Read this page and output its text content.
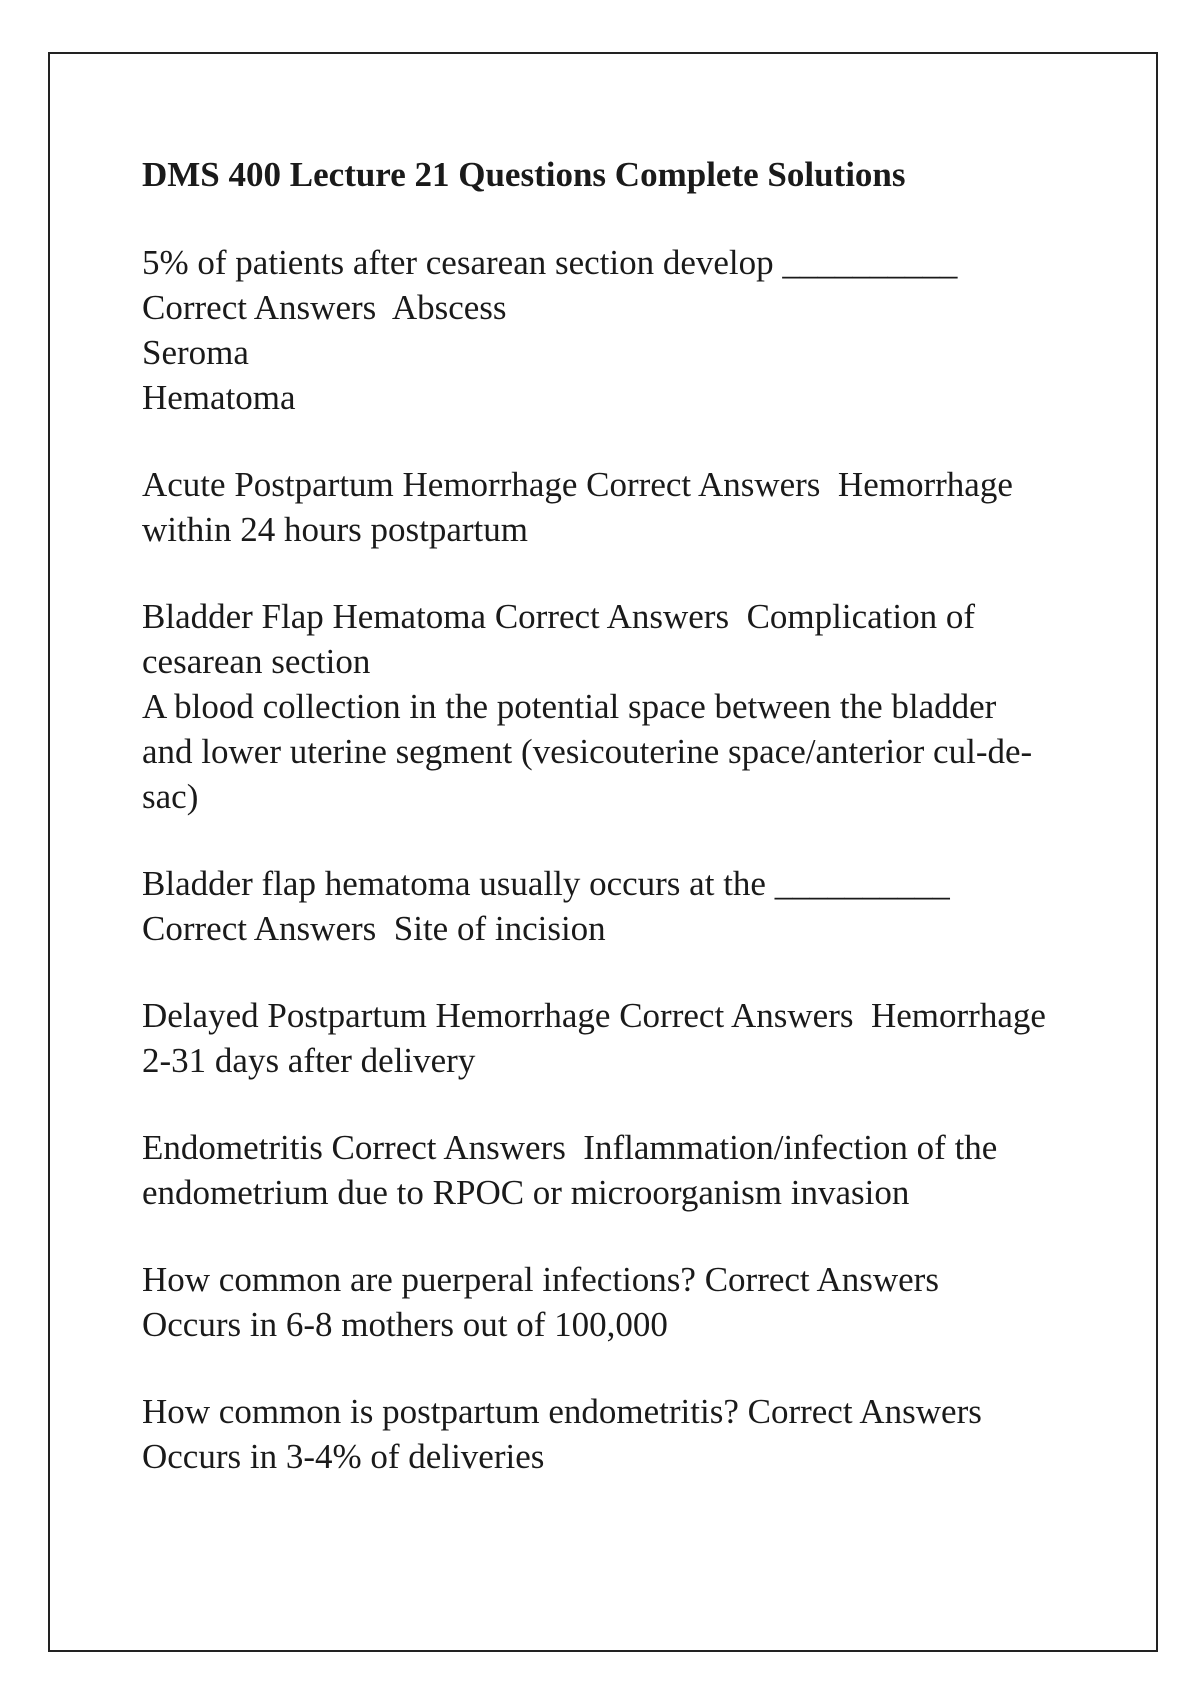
DMS 400 Lecture 21 Questions Complete Solutions
5% of patients after cesarean section develop __________
Correct Answers  Abscess
Seroma
Hematoma
Acute Postpartum Hemorrhage Correct Answers  Hemorrhage
within 24 hours postpartum
Bladder Flap Hematoma Correct Answers  Complication of
cesarean section
A blood collection in the potential space between the bladder
and lower uterine segment (vesicouterine space/anterior cul-de-
sac)
Bladder flap hematoma usually occurs at the __________
Correct Answers  Site of incision
Delayed Postpartum Hemorrhage Correct Answers  Hemorrhage
2-31 days after delivery
Endometritis Correct Answers  Inflammation/infection of the
endometrium due to RPOC or microorganism invasion
How common are puerperal infections? Correct Answers
Occurs in 6-8 mothers out of 100,000
How common is postpartum endometritis? Correct Answers
Occurs in 3-4% of deliveries
